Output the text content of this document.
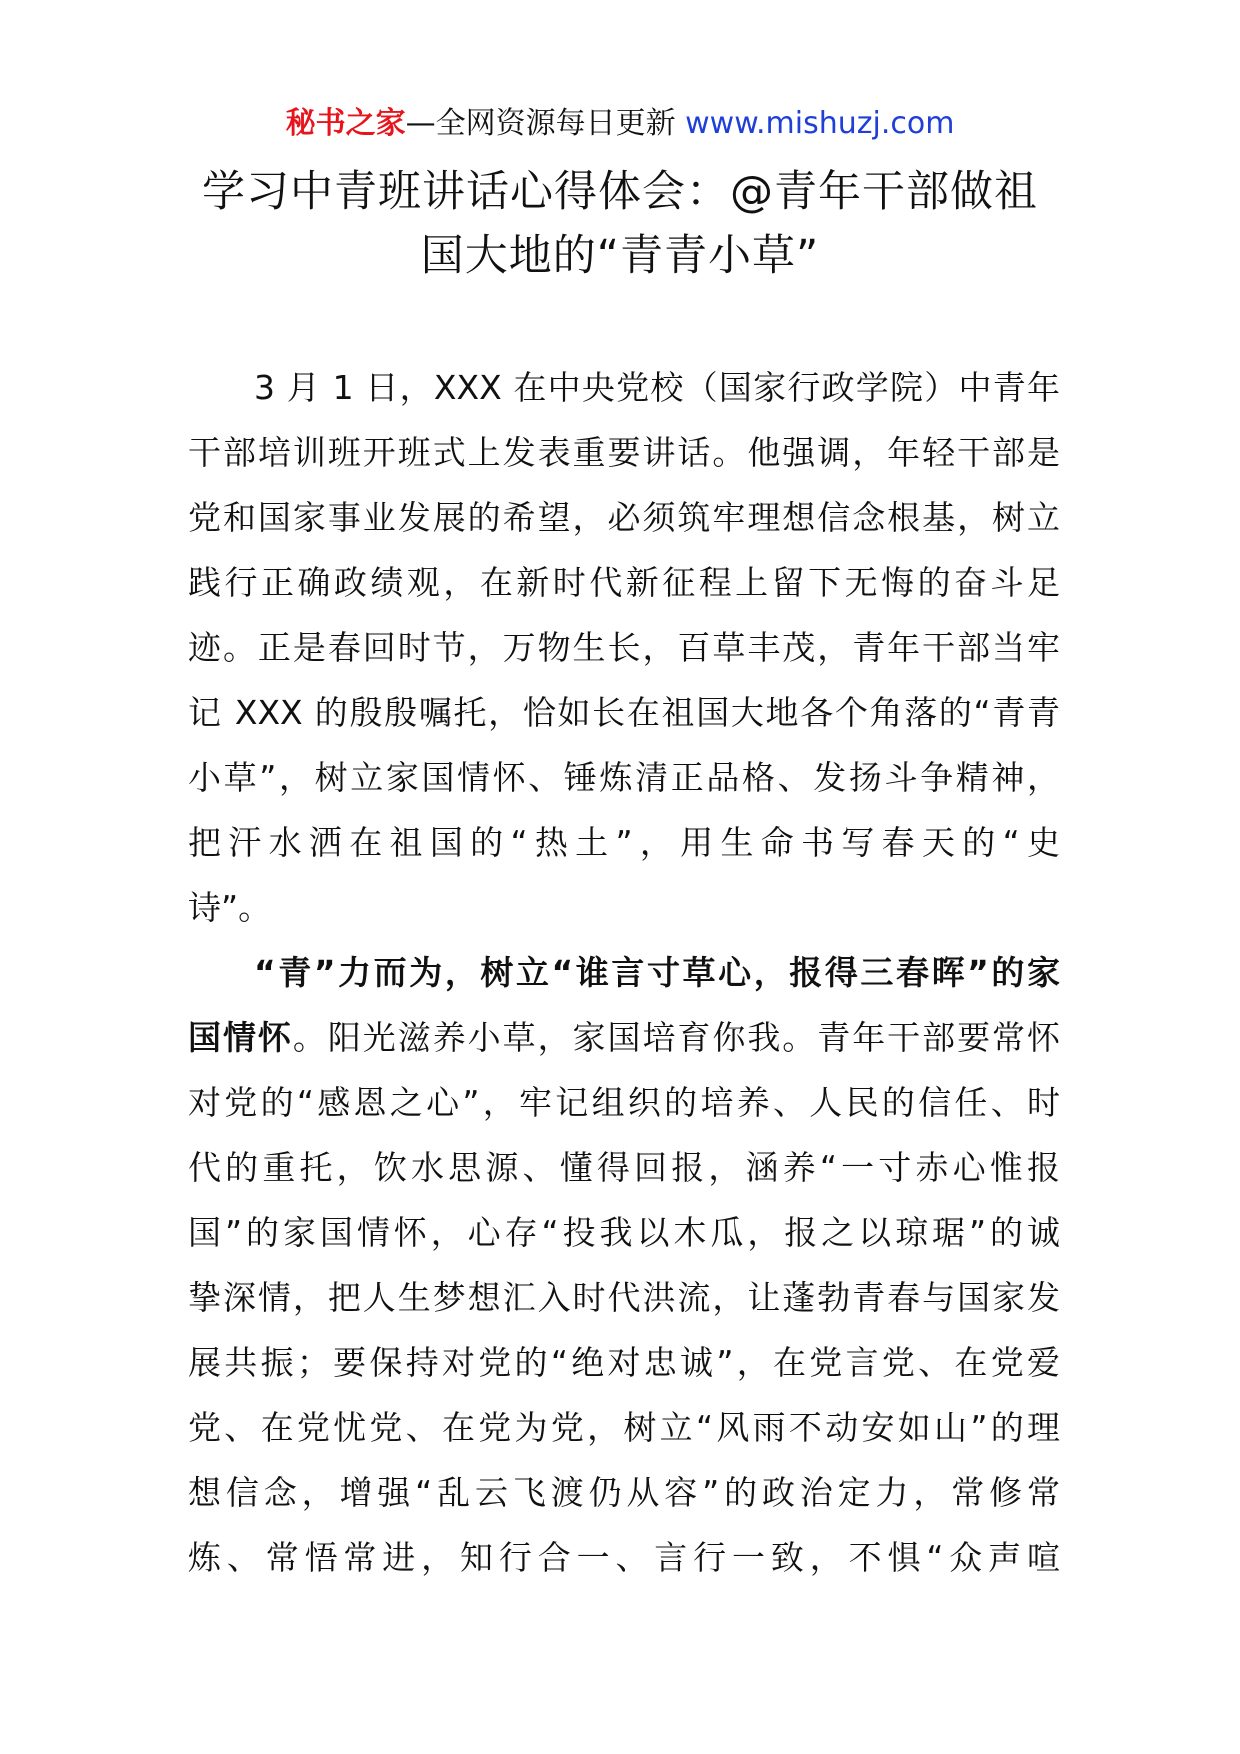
秘书之家—全网资源每日更新 www.mishuzj.com
学习中青班讲话心得体会：@青年干部做祖
国大地的“青青小草”
3 月 1 日，XXX 在中央党校（国家行政学院）中青年
干部培训班开班式上发表重要讲话。他强调，年轻干部是
党和国家事业发展的希望，必须筑牢理想信念根基，树立
践行正确政绩观，在新时代新征程上留下无悔的奋斗足
迹。正是春回时节，万物生长，百草丰茂，青年干部当牢
记 XXX 的殷殷嘱托，恰如长在祖国大地各个角落的“青青
小草”，树立家国情怀、锤炼清正品格、发扬斗争精神，
把汗水洒在祖国的“热土”，用生命书写春天的“史
诗”。
“青”力而为，树立“谁言寸草心，报得三春晖”的家
国情怀。阳光滋养小草，家国培育你我。青年干部要常怀
对党的“感恩之心”，牢记组织的培养、人民的信任、时
代的重托，饮水思源、懂得回报，涵养“一寸赤心惟报
国”的家国情怀，心存“投我以木瓜，报之以琼琚”的诚
挚深情，把人生梦想汇入时代洪流，让蓬勃青春与国家发
展共振；要保持对党的“绝对忠诚”，在党言党、在党爱
党、在党忧党、在党为党，树立“风雨不动安如山”的理
想信念，增强“乱云飞渡仍从容”的政治定力，常修常
炼、常悟常进，知行合一、言行一致，不惧“众声喧
